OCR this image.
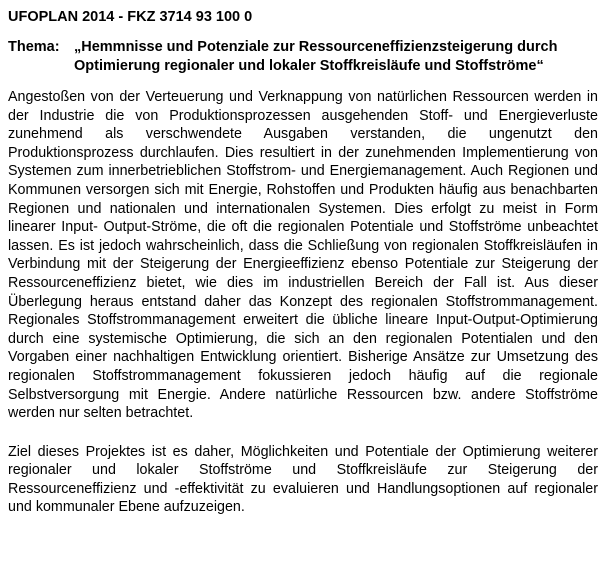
UFOPLAN 2014 - FKZ 3714 93 100 0

Thema: „Hemmnisse und Potenziale zur Ressourceneffizienzsteigerung durch Optimierung regionaler und lokaler Stoffkreisläufe und Stoffströme“

Angestoßen von der Verteuerung und Verknappung von natürlichen Ressourcen werden in der Industrie die von Produktionsprozessen ausgehenden Stoff- und Energieverluste zunehmend als verschwendete Ausgaben verstanden, die ungenutzt den Produktionsprozess durchlaufen. Dies resultiert in der zunehmenden Implementierung von Systemen zum innerbetrieblichen Stoffstrom- und Energiemanagement. Auch Regionen und Kommunen versorgen sich mit Energie, Rohstoffen und Produkten häufig aus benachbarten Regionen und nationalen und internationalen Systemen. Dies erfolgt zu meist in Form linearer Input- Output-Ströme, die oft die regionalen Potentiale und Stoffströme unbeachtet lassen. Es ist jedoch wahrscheinlich, dass die Schließung von regionalen Stoffkreisläufen in Verbindung mit der Steigerung der Energieeffizienz ebenso Potentiale zur Steigerung der Ressourceneffizienz bietet, wie dies im industriellen Bereich der Fall ist. Aus dieser Überlegung heraus entstand daher das Konzept des regionalen Stoffstrommanagement. Regionales Stoffstrommanagement erweitert die übliche lineare Input-Output-Optimierung durch eine systemische Optimierung, die sich an den regionalen Potentialen und den Vorgaben einer nachhaltigen Entwicklung orientiert. Bisherige Ansätze zur Umsetzung des regionalen Stoffstrommanagement fokussieren jedoch häufig auf die regionale Selbstversorgung mit Energie. Andere natürliche Ressourcen bzw. andere Stoffströme werden nur selten betrachtet.

Ziel dieses Projektes ist es daher, Möglichkeiten und Potentiale der Optimierung weiterer regionaler und lokaler Stoffströme und Stoffkreisläufe zur Steigerung der Ressourceneffizienz und -effektivität zu evaluieren und Handlungsoptionen auf regionaler und kommunaler Ebene aufzuzeigen.
